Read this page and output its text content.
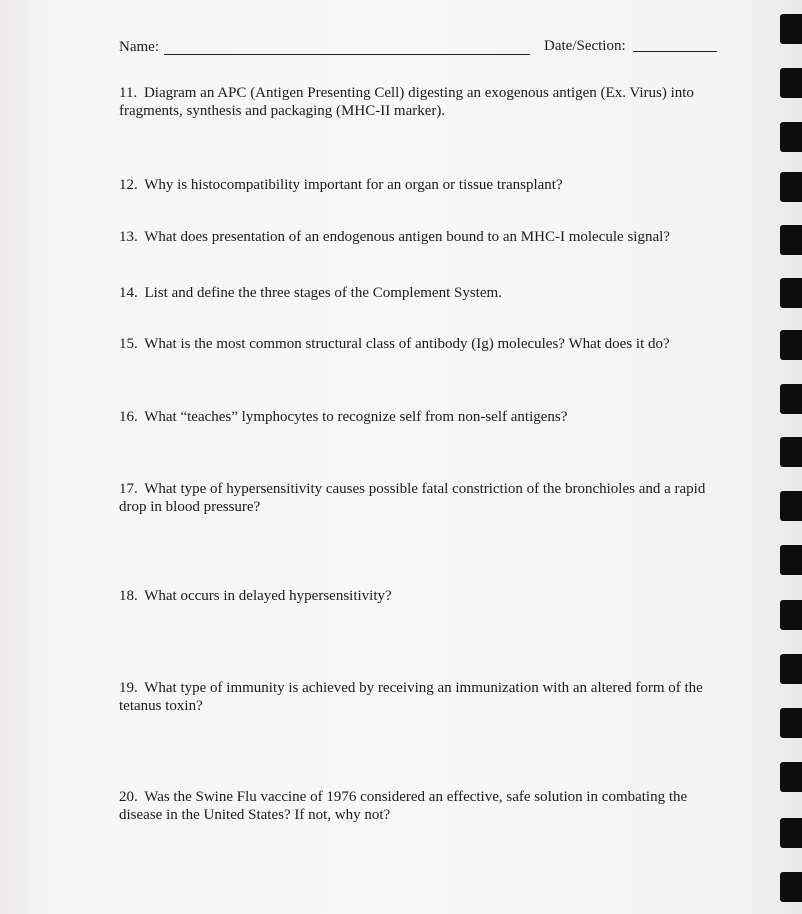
Name:	Date/Section:
11. Diagram an APC (Antigen Presenting Cell) digesting an exogenous antigen (Ex. Virus) into fragments, synthesis and packaging (MHC-II marker).
12. Why is histocompatibility important for an organ or tissue transplant?
13. What does presentation of an endogenous antigen bound to an MHC-I molecule signal?
14. List and define the three stages of the Complement System.
15. What is the most common structural class of antibody (Ig) molecules? What does it do?
16. What “teaches” lymphocytes to recognize self from non-self antigens?
17. What type of hypersensitivity causes possible fatal constriction of the bronchioles and a rapid drop in blood pressure?
18. What occurs in delayed hypersensitivity?
19. What type of immunity is achieved by receiving an immunization with an altered form of the tetanus toxin?
20. Was the Swine Flu vaccine of 1976 considered an effective, safe solution in combating the disease in the United States? If not, why not?
